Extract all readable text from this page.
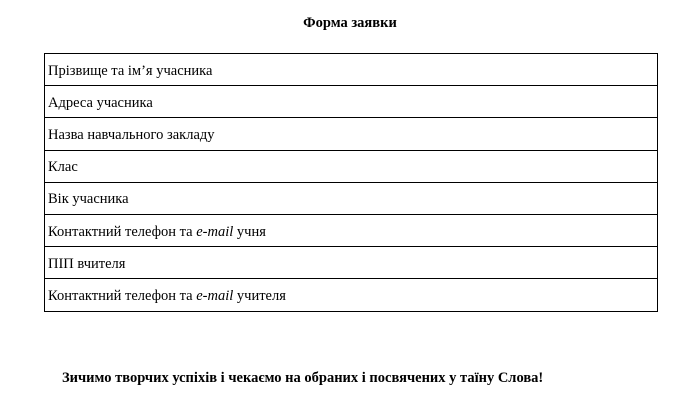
Форма заявки
Прізвище та ім’я учасника
Адреса учасника
Назва навчального закладу
Клас
Вік учасника
Контактний телефон та e-mail учня
ПІП вчителя
Контактний телефон та e-mail учителя
Зичимо творчих успіхів і чекаємо на обраних і посвячених у таїну Слова!
